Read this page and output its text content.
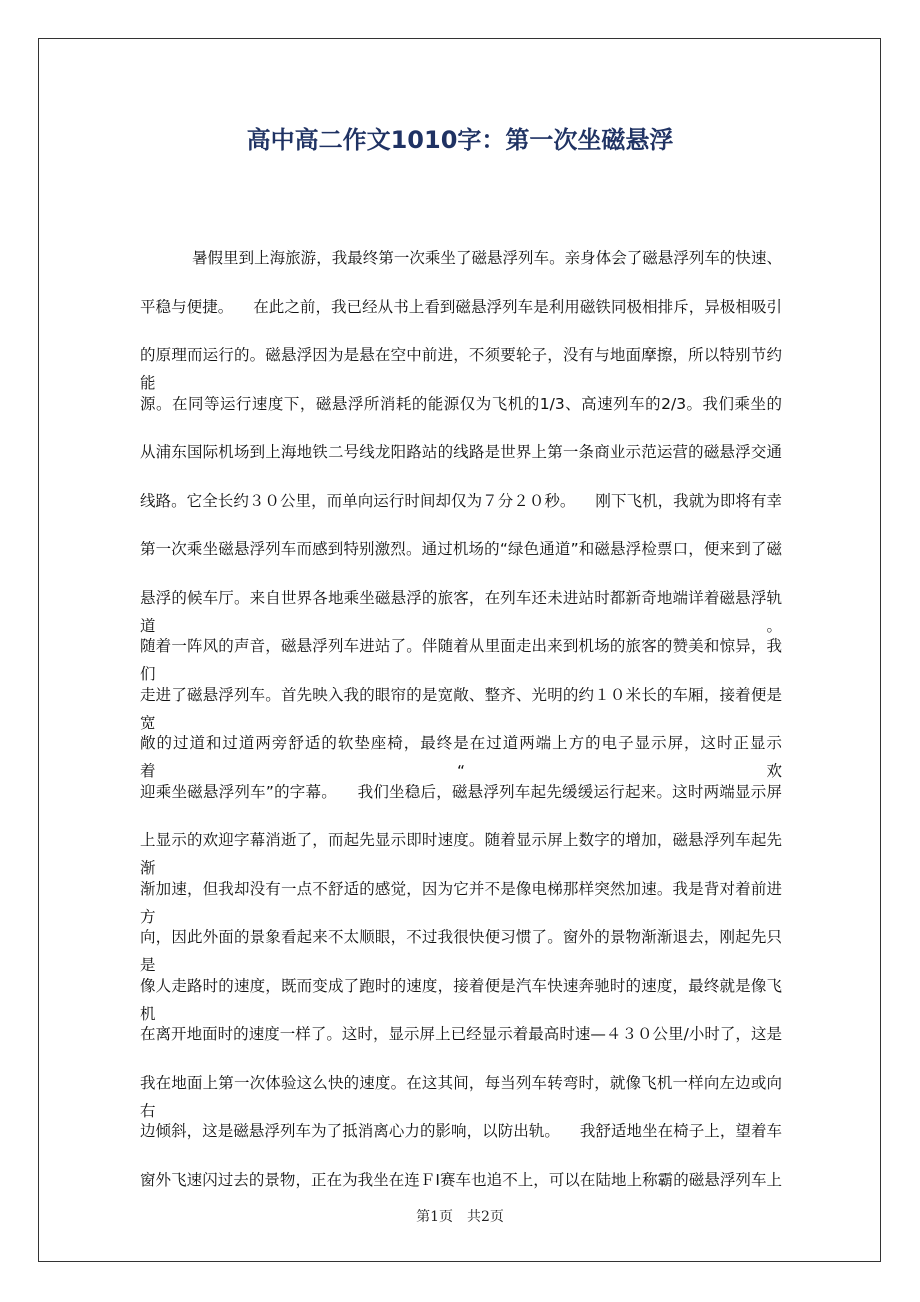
高中高二作文1010字：第一次坐磁悬浮
暑假里到上海旅游，我最终第一次乘坐了磁悬浮列车。亲身体会了磁悬浮列车的快速、
平稳与便捷。    在此之前，我已经从书上看到磁悬浮列车是利用磁铁同极相排斥，异极相吸引
的原理而运行的。磁悬浮因为是悬在空中前进，不须要轮子，没有与地面摩擦，所以特别节约能
源。在同等运行速度下，磁悬浮所消耗的能源仅为飞机的1/3、高速列车的2/3。我们乘坐的
从浦东国际机场到上海地铁二号线龙阳路站的线路是世界上第一条商业示范运营的磁悬浮交通
线路。它全长约３０公里，而单向运行时间却仅为７分２０秒。    刚下飞机，我就为即将有幸
第一次乘坐磁悬浮列车而感到特别激烈。通过机场的“绿色通道”和磁悬浮检票口，便来到了磁
悬浮的候车厅。来自世界各地乘坐磁悬浮的旅客，在列车还未进站时都新奇地端详着磁悬浮轨道。
随着一阵风的声音，磁悬浮列车进站了。伴随着从里面走出来到机场的旅客的赞美和惊异，我们
走进了磁悬浮列车。首先映入我的眼帘的是宽敞、整齐、光明的约１０米长的车厢，接着便是宽
敞的过道和过道两旁舒适的软垫座椅，最终是在过道两端上方的电子显示屏，这时正显示着“欢
迎乘坐磁悬浮列车”的字幕。    我们坐稳后，磁悬浮列车起先缓缓运行起来。这时两端显示屏
上显示的欢迎字幕消逝了，而起先显示即时速度。随着显示屏上数字的增加，磁悬浮列车起先渐
渐加速，但我却没有一点不舒适的感觉，因为它并不是像电梯那样突然加速。我是背对着前进方
向，因此外面的景象看起来不太顺眼，不过我很快便习惯了。窗外的景物渐渐退去，刚起先只是
像人走路时的速度，既而变成了跑时的速度，接着便是汽车快速奔驰时的速度，最终就是像飞机
在离开地面时的速度一样了。这时，显示屏上已经显示着最高时速—４３０公里/小时了，这是
我在地面上第一次体验这么快的速度。在这其间，每当列车转弯时，就像飞机一样向左边或向右
边倾斜，这是磁悬浮列车为了抵消离心力的影响，以防出轨。    我舒适地坐在椅子上，望着车
窗外飞速闪过去的景物，正在为我坐在连ＦⅠ赛车也追不上，可以在陆地上称霸的磁悬浮列车上
第1页 共2页
